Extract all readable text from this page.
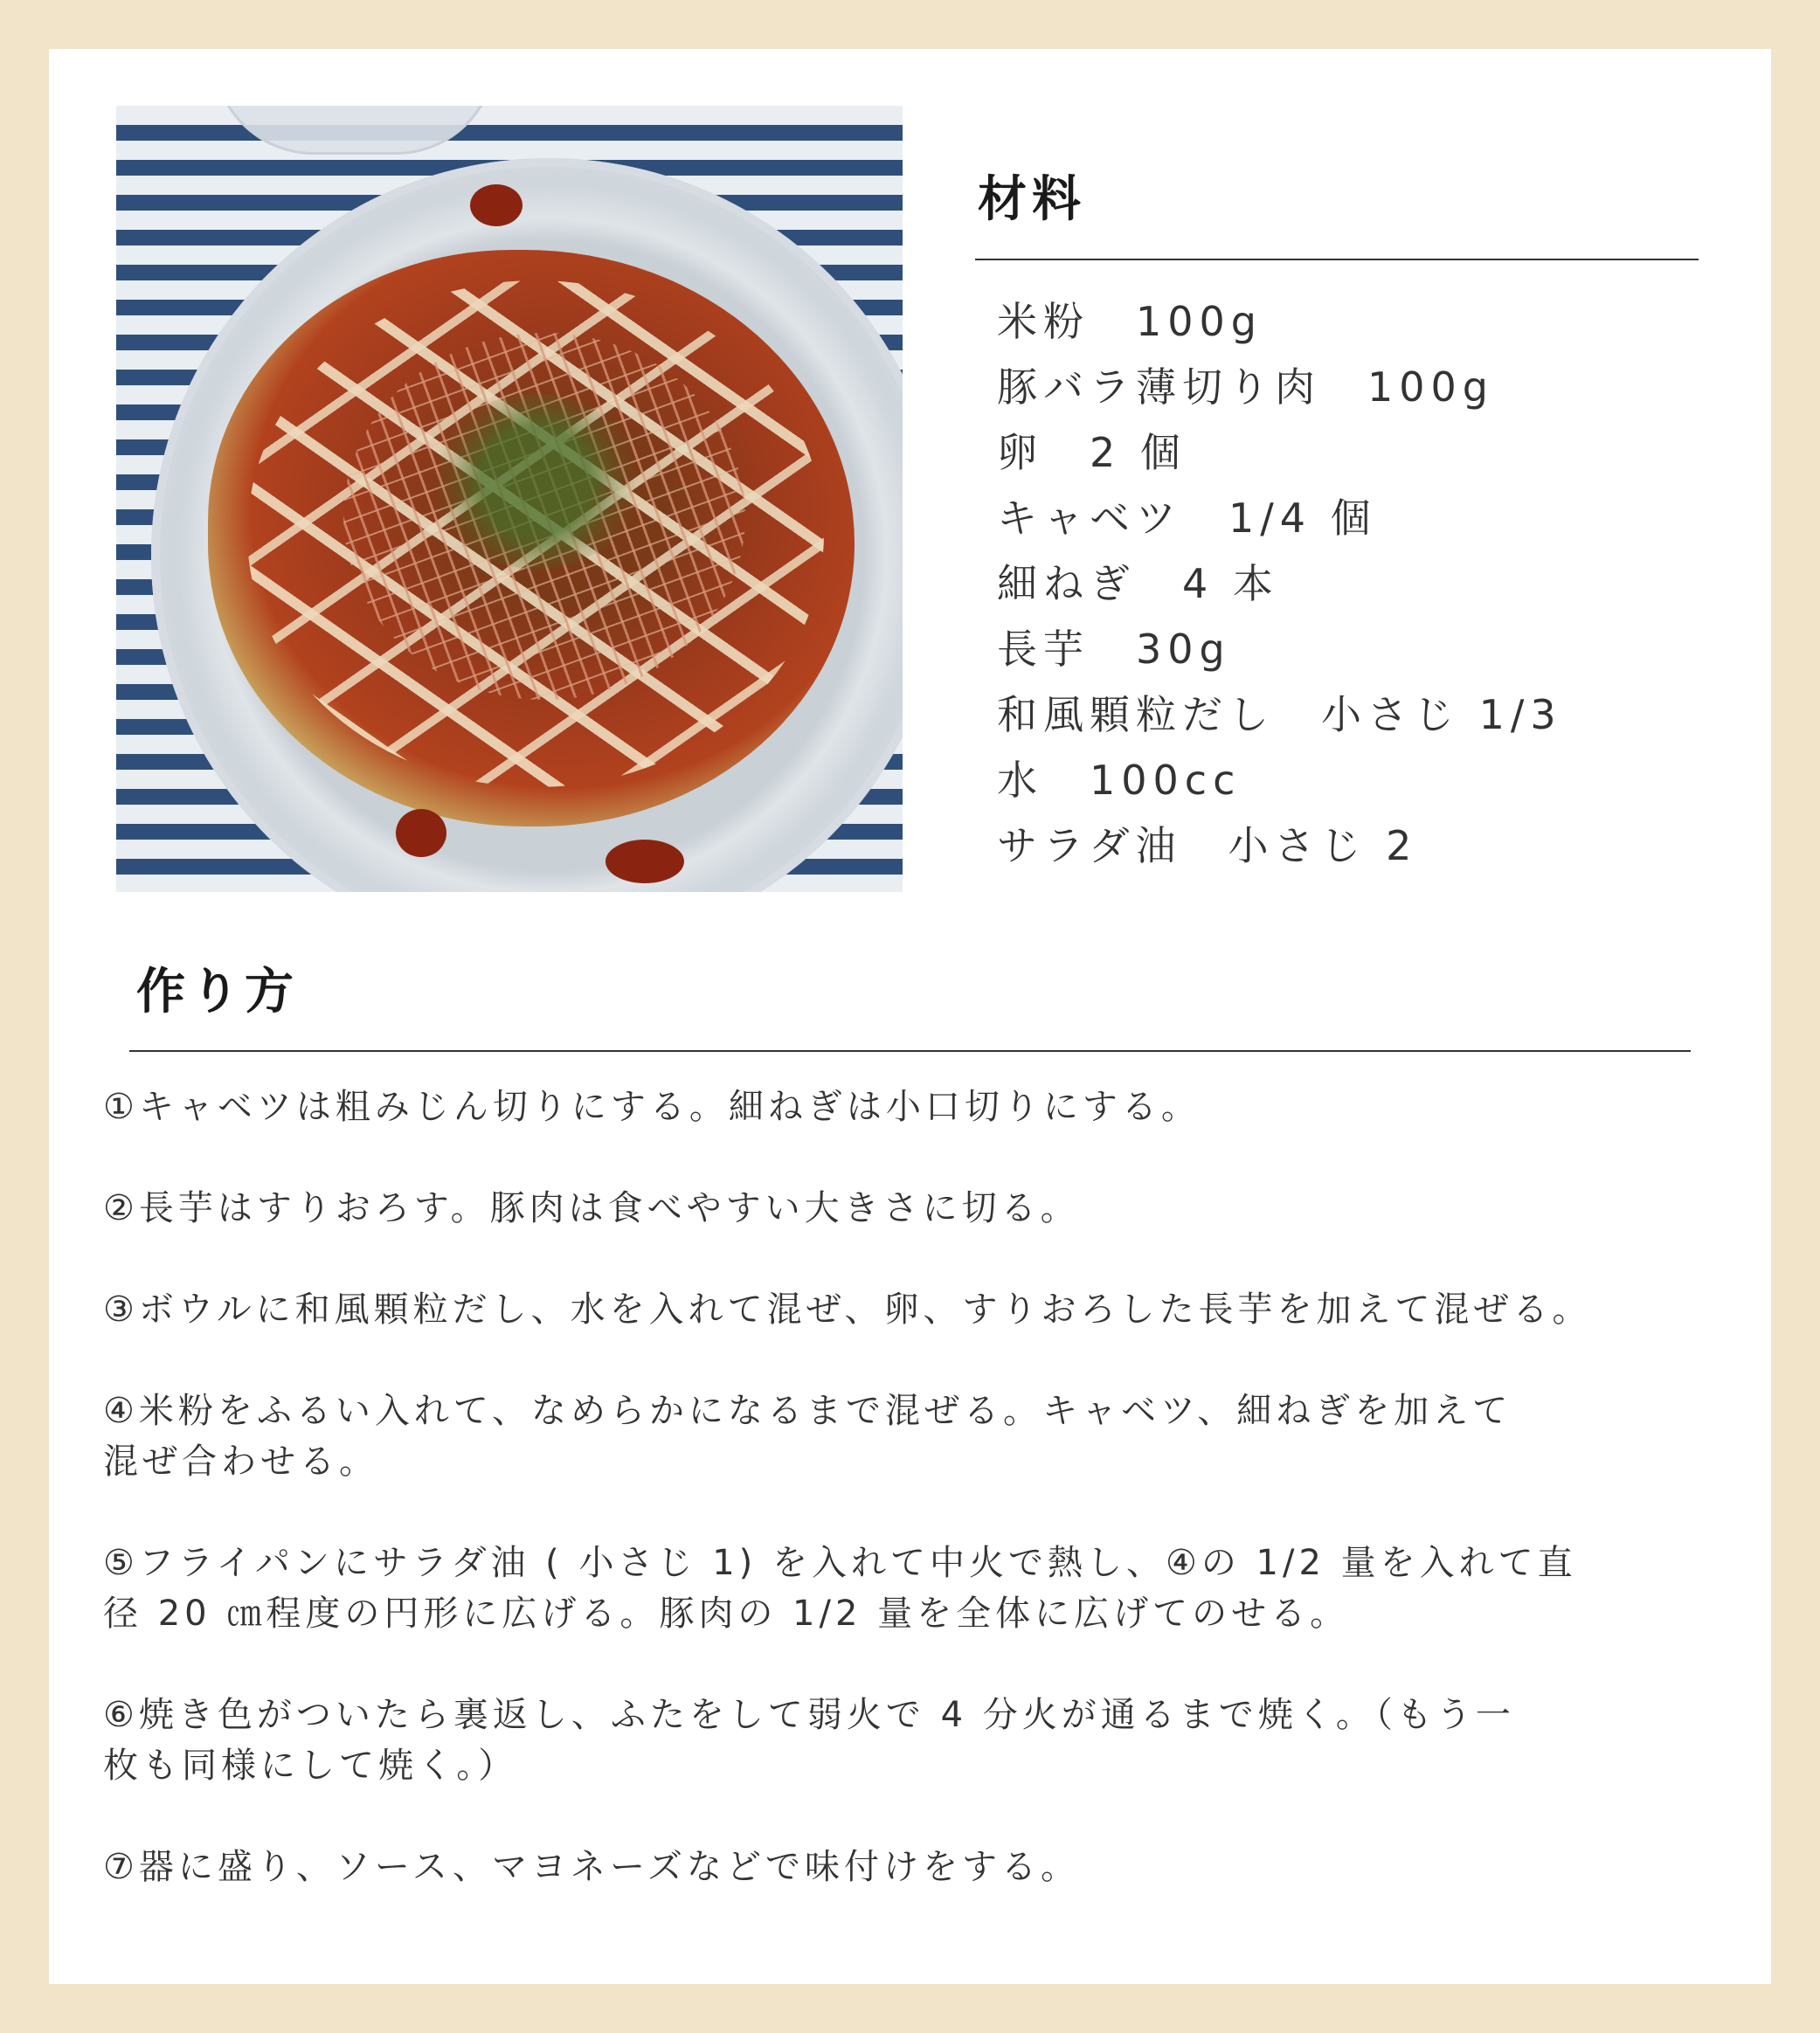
材料
米粉　100g
豚バラ薄切り肉　100g
卵　2 個
キャベツ　1/4 個
細ねぎ　4 本
長芋　30g
和風顆粒だし　小さじ 1/3
水　100cc
サラダ油　小さじ 2
作り方
①キャベツは粗みじん切りにする。細ねぎは小口切りにする。
②長芋はすりおろす。豚肉は食べやすい大きさに切る。
③ボウルに和風顆粒だし、水を入れて混ぜ、卵、すりおろした長芋を加えて混ぜる。
④米粉をふるい入れて、なめらかになるまで混ぜる。キャベツ、細ねぎを加えて
混ぜ合わせる。
⑤フライパンにサラダ油 ( 小さじ 1) を入れて中火で熱し、④の 1/2 量を入れて直
径 20 ㎝程度の円形に広げる。豚肉の 1/2 量を全体に広げてのせる。
⑥焼き色がついたら裏返し、ふたをして弱火で 4 分火が通るまで焼く。（もう一
枚も同様にして焼く。）
⑦器に盛り、ソース、マヨネーズなどで味付けをする。
